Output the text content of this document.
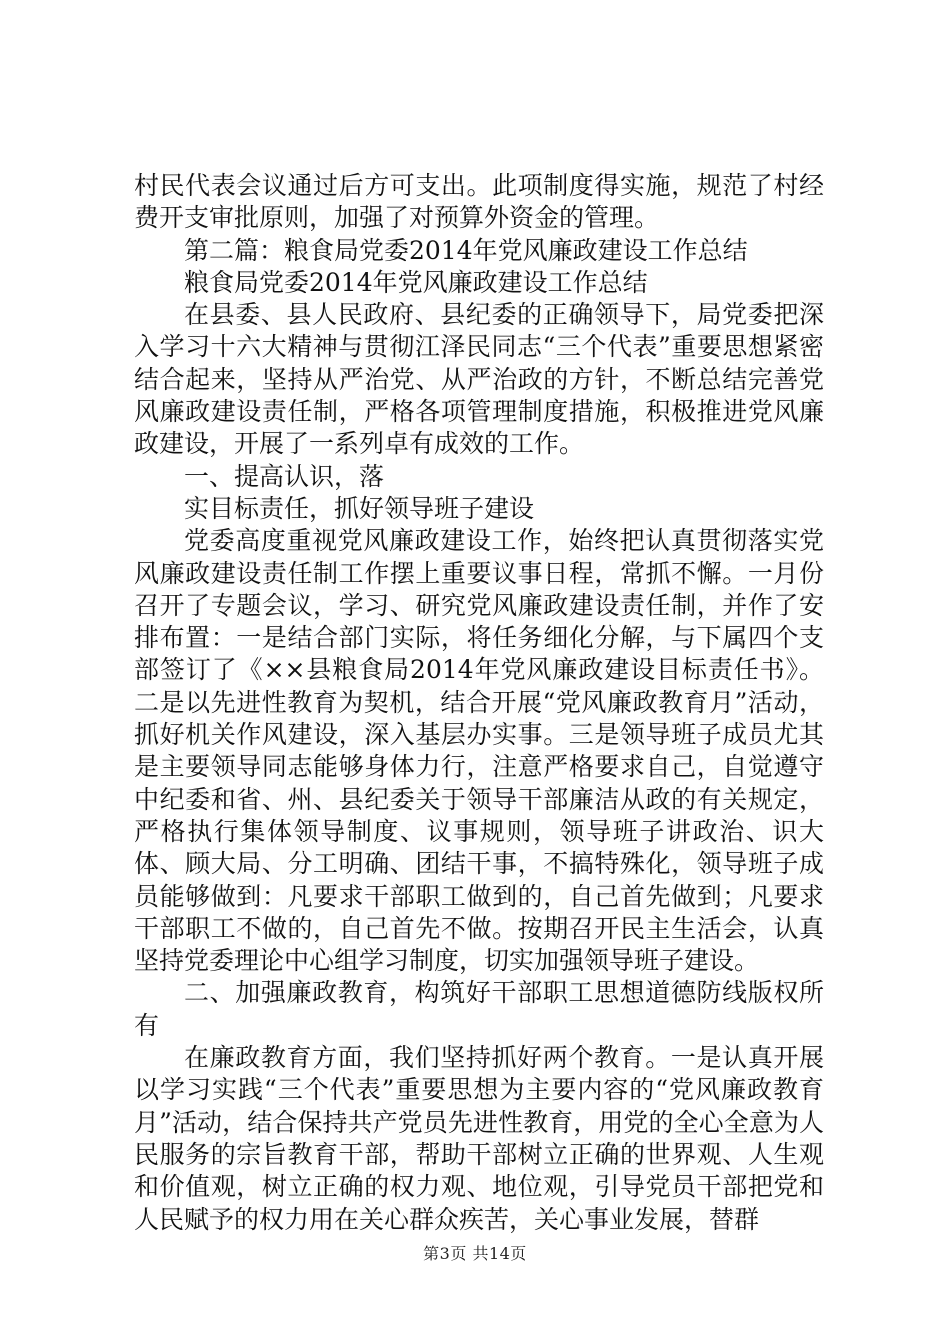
村民代表会议通过后方可支出。此项制度得实施，规范了村经费开支审批原则，加强了对预算外资金的管理。

第二篇：粮食局党委2014年党风廉政建设工作总结

粮食局党委2014年党风廉政建设工作总结

在县委、县人民政府、县纪委的正确领导下，局党委把深入学习十六大精神与贯彻江泽民同志“三个代表”重要思想紧密结合起来，坚持从严治党、从严治政的方针，不断总结完善党风廉政建设责任制，严格各项管理制度措施，积极推进党风廉政建设，开展了一系列卓有成效的工作。

一、提高认识，落

实目标责任，抓好领导班子建设

党委高度重视党风廉政建设工作，始终把认真贯彻落实党风廉政建设责任制工作摆上重要议事日程，常抓不懈。一月份召开了专题会议，学习、研究党风廉政建设责任制，并作了安排布置：一是结合部门实际，将任务细化分解，与下属四个支部签订了《××县粮食局2014年党风廉政建设目标责任书》。二是以先进性教育为契机，结合开展“党风廉政教育月”活动，抓好机关作风建设，深入基层办实事。三是领导班子成员尤其是主要领导同志能够身体力行，注意严格要求自己，自觉遵守中纪委和省、州、县纪委关于领导干部廉洁从政的有关规定，严格执行集体领导制度、议事规则，领导班子讲政治、识大体、顾大局、分工明确、团结干事，不搞特殊化，领导班子成员能够做到：凡要求干部职工做到的，自己首先做到；凡要求干部职工不做的，自己首先不做。按期召开民主生活会，认真坚持党委理论中心组学习制度，切实加强领导班子建设。

二、加强廉政教育，构筑好干部职工思想道德防线版权所有

在廉政教育方面，我们坚持抓好两个教育。一是认真开展以学习实践“三个代表”重要思想为主要内容的“党风廉政教育月”活动，结合保持共产党员先进性教育，用党的全心全意为人民服务的宗旨教育干部，帮助干部树立正确的世界观、人生观和价值观，树立正确的权力观、地位观，引导党员干部把党和人民赋予的权力用在关心群众疾苦，关心事业发展，替群

第3页 共14页
